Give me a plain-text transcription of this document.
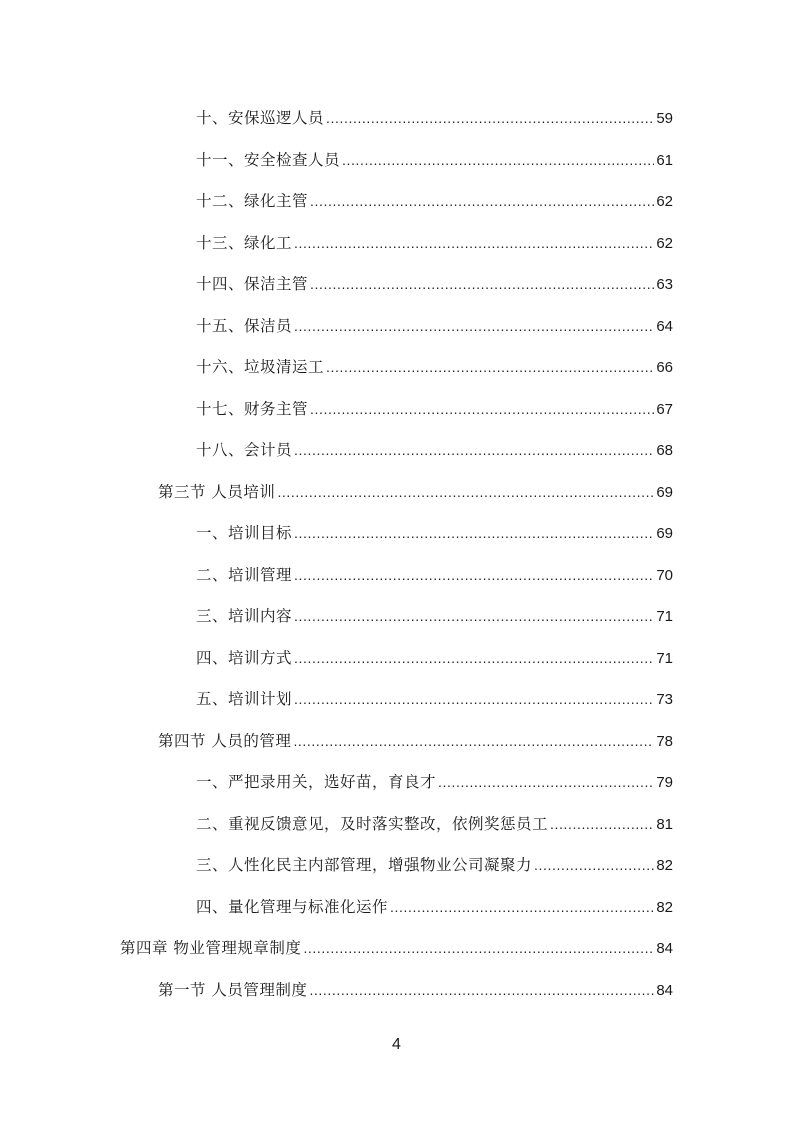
十、安保巡逻人员 .....	59
十一、安全检查人员 .....	61
十二、绿化主管 .....	62
十三、绿化工 .....	62
十四、保洁主管 .....	63
十五、保洁员 .....	64
十六、垃圾清运工 .....	66
十七、财务主管 .....	67
十八、会计员 .....	68
第三节 人员培训 .....	69
一、培训目标 .....	69
二、培训管理 .....	70
三、培训内容 .....	71
四、培训方式 .....	71
五、培训计划 .....	73
第四节 人员的管理 .....	78
一、严把录用关，选好苗，育良才 .....	79
二、重视反馈意见，及时落实整改，依例奖惩员工 .....	81
三、人性化民主内部管理，增强物业公司凝聚力 .....	82
四、量化管理与标准化运作 .....	82
第四章 物业管理规章制度 .....	84
第一节 人员管理制度 .....	84
4
